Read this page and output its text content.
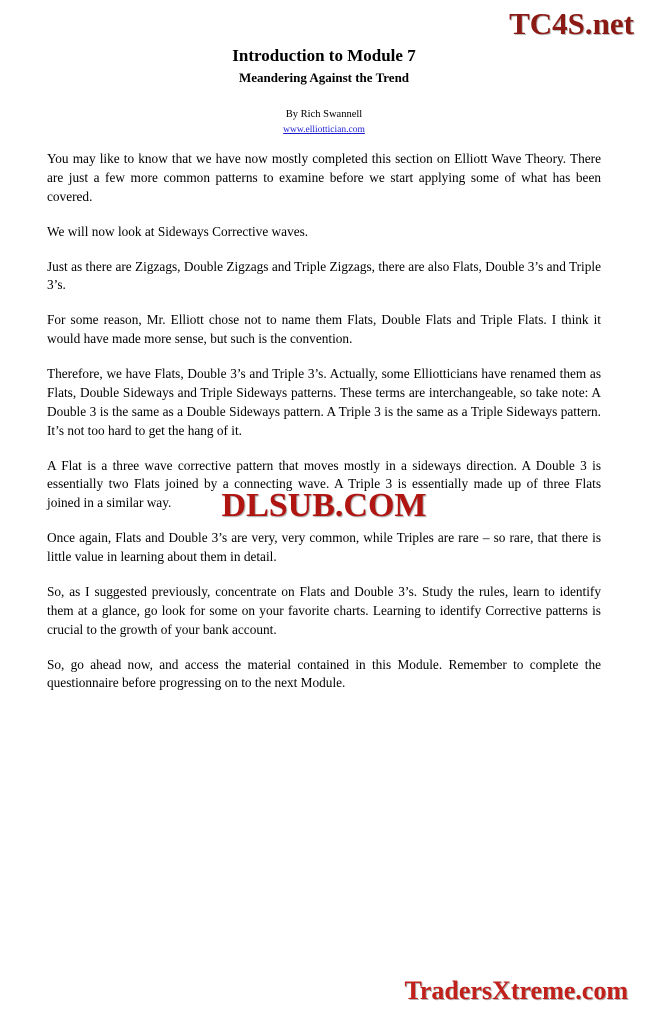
TC4S.net
Introduction to Module 7
Meandering Against the Trend

By Rich Swannell
www.elliottician.com

You may like to know that we have now mostly completed this section on Elliott Wave Theory. There are just a few more common patterns to examine before we start applying some of what has been covered.

We will now look at Sideways Corrective waves.

Just as there are Zigzags, Double Zigzags and Triple Zigzags, there are also Flats, Double 3’s and Triple 3’s.

For some reason, Mr. Elliott chose not to name them Flats, Double Flats and Triple Flats. I think it would have made more sense, but such is the convention.

Therefore, we have Flats, Double 3’s and Triple 3’s. Actually, some Elliotticians have renamed them as Flats, Double Sideways and Triple Sideways patterns. These terms are interchangeable, so take note: A Double 3 is the same as a Double Sideways pattern. A Triple 3 is the same as a Triple Sideways pattern. It’s not too hard to get the hang of it.

A Flat is a three wave corrective pattern that moves mostly in a sideways direction. A Double 3 is essentially two Flats joined by a connecting wave. A Triple 3 is essentially made up of three Flats joined in a similar way.

Once again, Flats and Double 3’s are very, very common, while Triples are rare – so rare, that there is little value in learning about them in detail.

So, as I suggested previously, concentrate on Flats and Double 3’s. Study the rules, learn to identify them at a glance, go look for some on your favorite charts. Learning to identify Corrective patterns is crucial to the growth of your bank account.

So, go ahead now, and access the material contained in this Module. Remember to complete the questionnaire before progressing on to the next Module.

DLSUB.COM
TradersXtreme.com
